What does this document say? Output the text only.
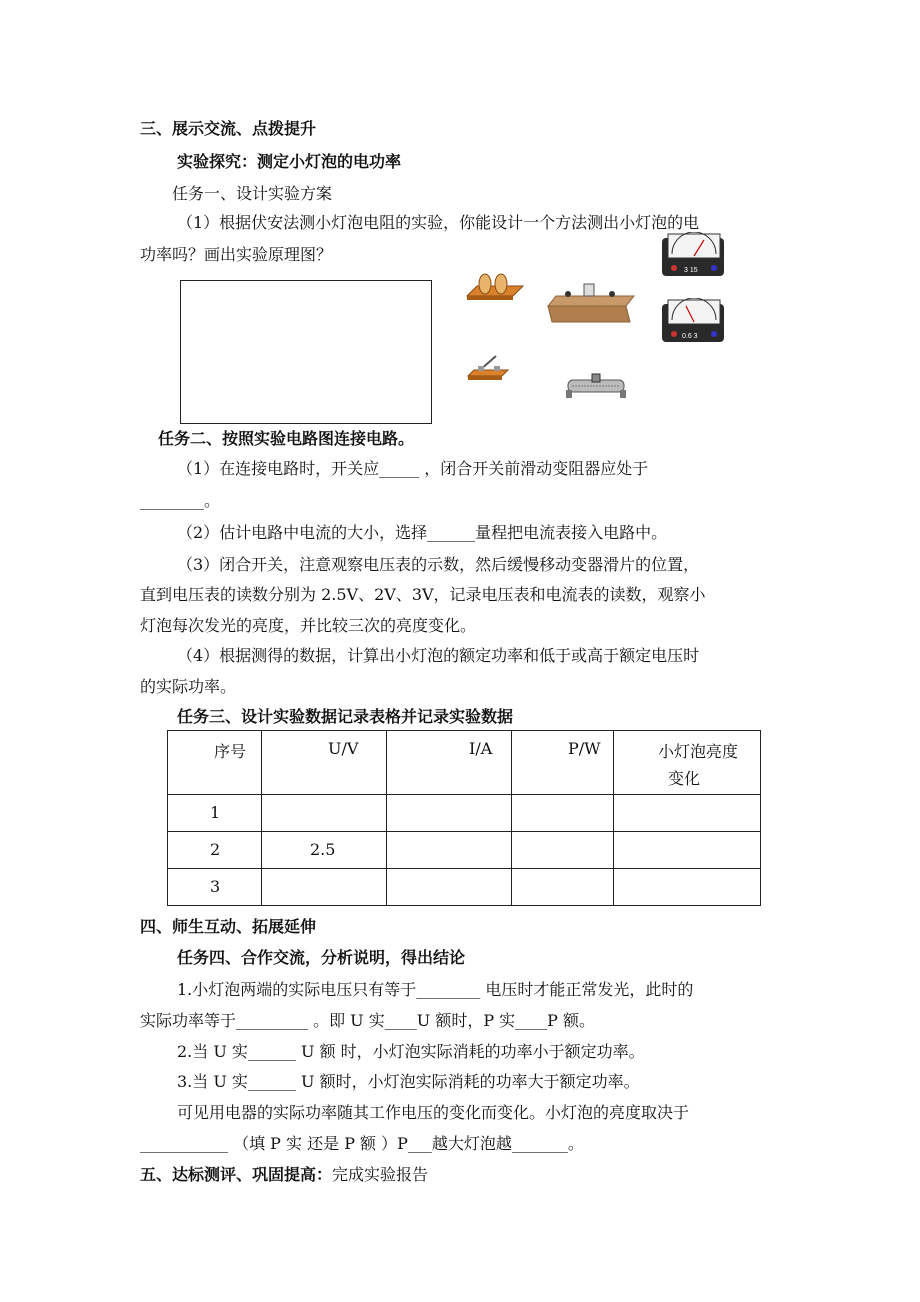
三、展示交流、点拨提升
实验探究：测定小灯泡的电功率
任务一、设计实验方案
（1）根据伏安法测小灯泡电阻的实验，你能设计一个方法测出小灯泡的电
功率吗？画出实验原理图？
3 15
0.6 3
任务二、按照实验电路图连接电路。
（1）在连接电路时，开关应_____ ，闭合开关前滑动变阻器应处于
________。
（2）估计电路中电流的大小，选择______量程把电流表接入电路中。
（3）闭合开关，注意观察电压表的示数，然后缓慢移动变器滑片的位置，
直到电压表的读数分别为 2.5V、2V、3V，记录电压表和电流表的读数，观察小
灯泡每次发光的亮度，并比较三次的亮度变化。
（4）根据测得的数据，计算出小灯泡的额定功率和低于或高于额定电压时
的实际功率。
任务三、设计实验数据记录表格并记录实验数据
序号	U/V	I/A	P/W	小灯泡亮度
变化

1				

2	2.5			

3				

四、师生互动、拓展延伸
任务四、合作交流，分析说明，得出结论
1.小灯泡两端的实际电压只有等于________ 电压时才能正常发光，此时的
实际功率等于_________ 。即 U 实____U 额时，P 实____P 额。
2.当 U 实______ U 额 时，小灯泡实际消耗的功率小于额定功率。
3.当 U 实______ U 额时，小灯泡实际消耗的功率大于额定功率。
可见用电器的实际功率随其工作电压的变化而变化。小灯泡的亮度取决于
___________ （填 P 实 还是 P 额 ）P___越大灯泡越_______。
五、达标测评、巩固提高：完成实验报告
